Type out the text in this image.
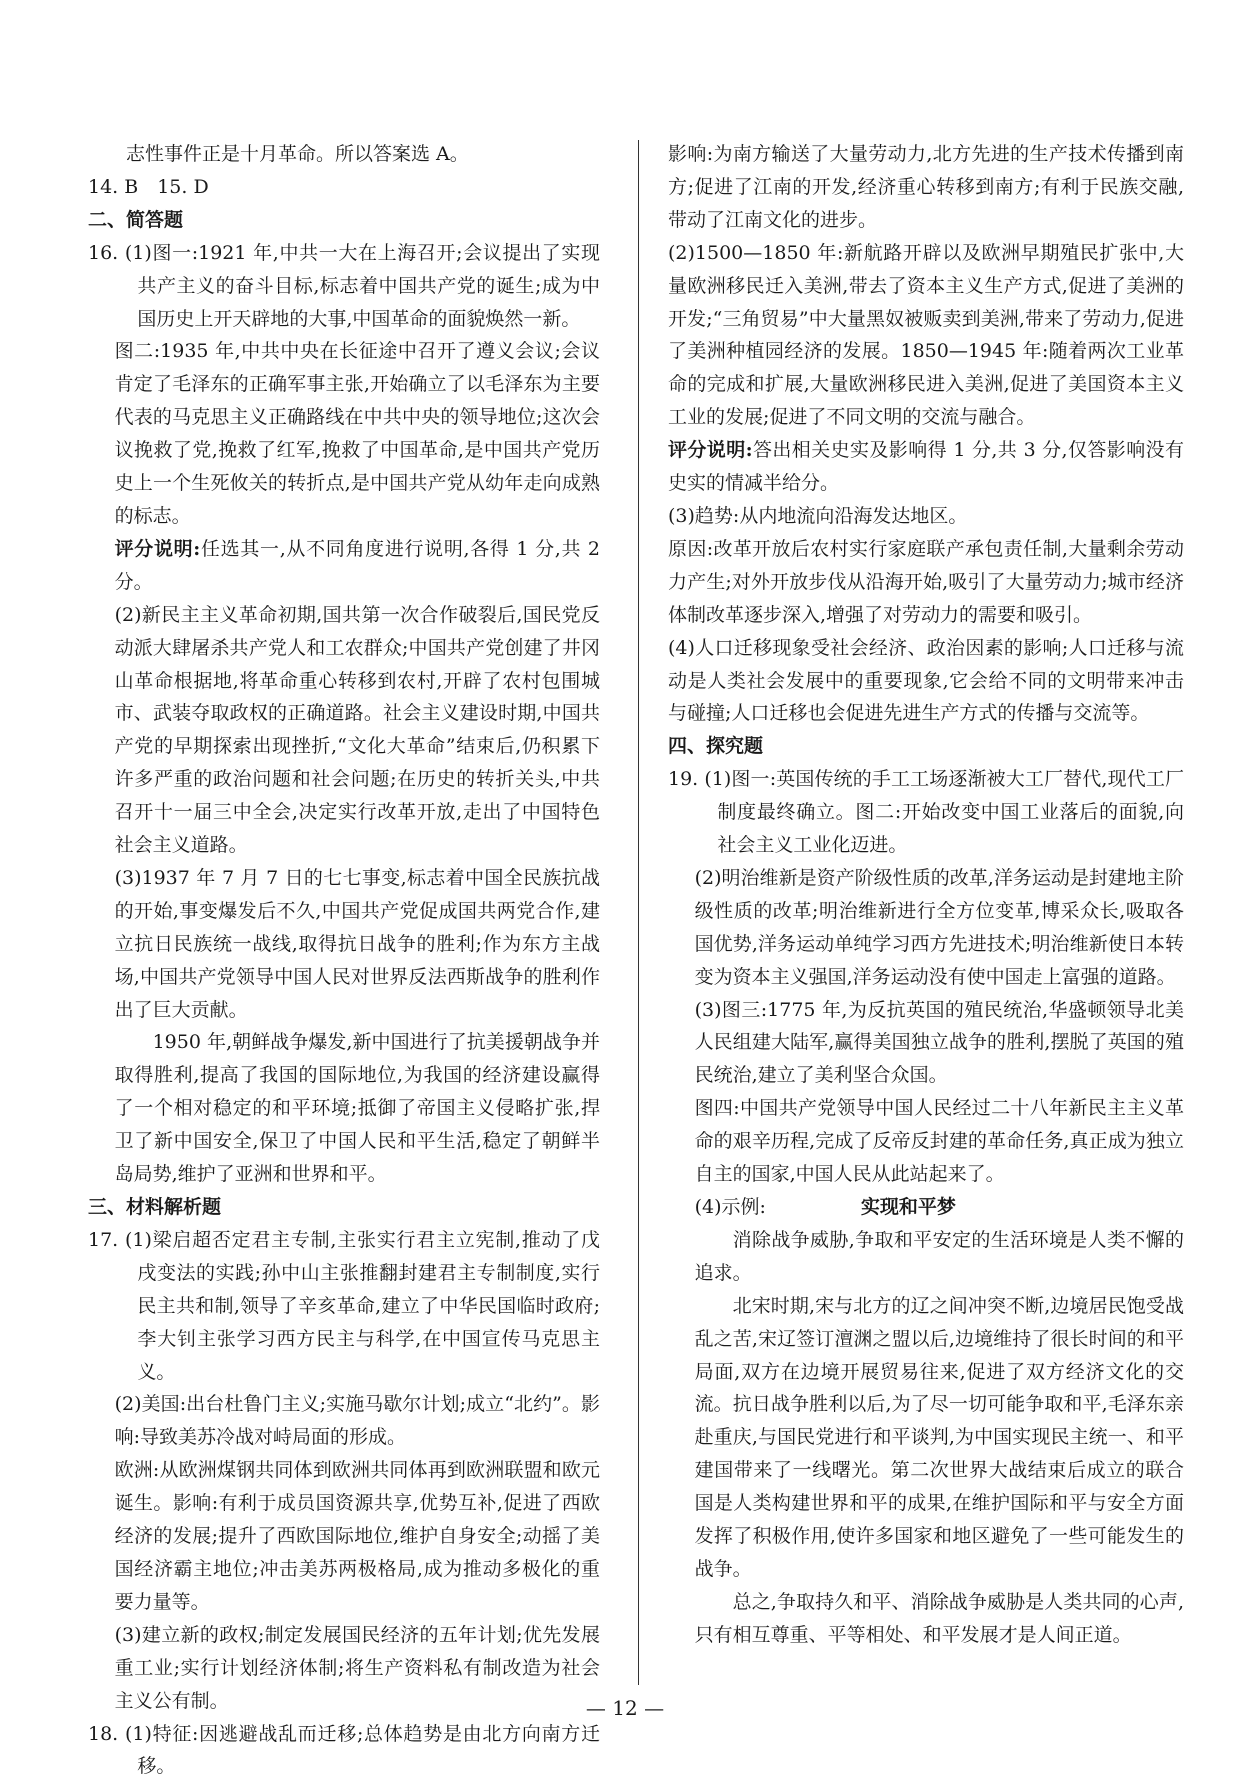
志性事件正是十月革命。所以答案选 A。

14. B　15. D

二、简答题

16. (1)图一:1921 年,中共一大在上海召开;会议提出了实现共产主义的奋斗目标,标志着中国共产党的诞生;成为中国历史上开天辟地的大事,中国革命的面貌焕然一新。

图二:1935 年,中共中央在长征途中召开了遵义会议;会议肯定了毛泽东的正确军事主张,开始确立了以毛泽东为主要代表的马克思主义正确路线在中共中央的领导地位;这次会议挽救了党,挽救了红军,挽救了中国革命,是中国共产党历史上一个生死攸关的转折点,是中国共产党从幼年走向成熟的标志。

评分说明:任选其一,从不同角度进行说明,各得 1 分,共 2 分。

(2)新民主主义革命初期,国共第一次合作破裂后,国民党反动派大肆屠杀共产党人和工农群众;中国共产党创建了井冈山革命根据地,将革命重心转移到农村,开辟了农村包围城市、武装夺取政权的正确道路。社会主义建设时期,中国共产党的早期探索出现挫折,“文化大革命”结束后,仍积累下许多严重的政治问题和社会问题;在历史的转折关头,中共召开十一届三中全会,决定实行改革开放,走出了中国特色社会主义道路。

(3)1937 年 7 月 7 日的七七事变,标志着中国全民族抗战的开始,事变爆发后不久,中国共产党促成国共两党合作,建立抗日民族统一战线,取得抗日战争的胜利;作为东方主战场,中国共产党领导中国人民对世界反法西斯战争的胜利作出了巨大贡献。

1950 年,朝鲜战争爆发,新中国进行了抗美援朝战争并取得胜利,提高了我国的国际地位,为我国的经济建设赢得了一个相对稳定的和平环境;抵御了帝国主义侵略扩张,捍卫了新中国安全,保卫了中国人民和平生活,稳定了朝鲜半岛局势,维护了亚洲和世界和平。

三、材料解析题

17. (1)梁启超否定君主专制,主张实行君主立宪制,推动了戊戌变法的实践;孙中山主张推翻封建君主专制制度,实行民主共和制,领导了辛亥革命,建立了中华民国临时政府;李大钊主张学习西方民主与科学,在中国宣传马克思主义。

(2)美国:出台杜鲁门主义;实施马歇尔计划;成立“北约”。影响:导致美苏冷战对峙局面的形成。

欧洲:从欧洲煤钢共同体到欧洲共同体再到欧洲联盟和欧元诞生。影响:有利于成员国资源共享,优势互补,促进了西欧经济的发展;提升了西欧国际地位,维护自身安全;动摇了美国经济霸主地位;冲击美苏两极格局,成为推动多极化的重要力量等。

(3)建立新的政权;制定发展国民经济的五年计划;优先发展重工业;实行计划经济体制;将生产资料私有制改造为社会主义公有制。

18. (1)特征:因逃避战乱而迁移;总体趋势是由北方向南方迁移。

影响:为南方输送了大量劳动力,北方先进的生产技术传播到南方;促进了江南的开发,经济重心转移到南方;有利于民族交融,带动了江南文化的进步。

(2)1500—1850 年:新航路开辟以及欧洲早期殖民扩张中,大量欧洲移民迁入美洲,带去了资本主义生产方式,促进了美洲的开发;“三角贸易”中大量黑奴被贩卖到美洲,带来了劳动力,促进了美洲种植园经济的发展。1850—1945 年:随着两次工业革命的完成和扩展,大量欧洲移民进入美洲,促进了美国资本主义工业的发展;促进了不同文明的交流与融合。

评分说明:答出相关史实及影响得 1 分,共 3 分,仅答影响没有史实的情减半给分。

(3)趋势:从内地流向沿海发达地区。

原因:改革开放后农村实行家庭联产承包责任制,大量剩余劳动力产生;对外开放步伐从沿海开始,吸引了大量劳动力;城市经济体制改革逐步深入,增强了对劳动力的需要和吸引。

(4)人口迁移现象受社会经济、政治因素的影响;人口迁移与流动是人类社会发展中的重要现象,它会给不同的文明带来冲击与碰撞;人口迁移也会促进先进生产方式的传播与交流等。

四、探究题

19. (1)图一:英国传统的手工工场逐渐被大工厂替代,现代工厂制度最终确立。图二:开始改变中国工业落后的面貌,向社会主义工业化迈进。

(2)明治维新是资产阶级性质的改革,洋务运动是封建地主阶级性质的改革;明治维新进行全方位变革,博采众长,吸取各国优势,洋务运动单纯学习西方先进技术;明治维新使日本转变为资本主义强国,洋务运动没有使中国走上富强的道路。

(3)图三:1775 年,为反抗英国的殖民统治,华盛顿领导北美人民组建大陆军,赢得美国独立战争的胜利,摆脱了英国的殖民统治,建立了美利坚合众国。

图四:中国共产党领导中国人民经过二十八年新民主主义革命的艰辛历程,完成了反帝反封建的革命任务,真正成为独立自主的国家,中国人民从此站起来了。

(4)示例:	实现和平梦

消除战争威胁,争取和平安定的生活环境是人类不懈的追求。

北宋时期,宋与北方的辽之间冲突不断,边境居民饱受战乱之苦,宋辽签订澶渊之盟以后,边境维持了很长时间的和平局面,双方在边境开展贸易往来,促进了双方经济文化的交流。抗日战争胜利以后,为了尽一切可能争取和平,毛泽东亲赴重庆,与国民党进行和平谈判,为中国实现民主统一、和平建国带来了一线曙光。第二次世界大战结束后成立的联合国是人类构建世界和平的成果,在维护国际和平与安全方面发挥了积极作用,使许多国家和地区避免了一些可能发生的战争。

总之,争取持久和平、消除战争威胁是人类共同的心声,只有相互尊重、平等相处、和平发展才是人间正道。

— 12 —
